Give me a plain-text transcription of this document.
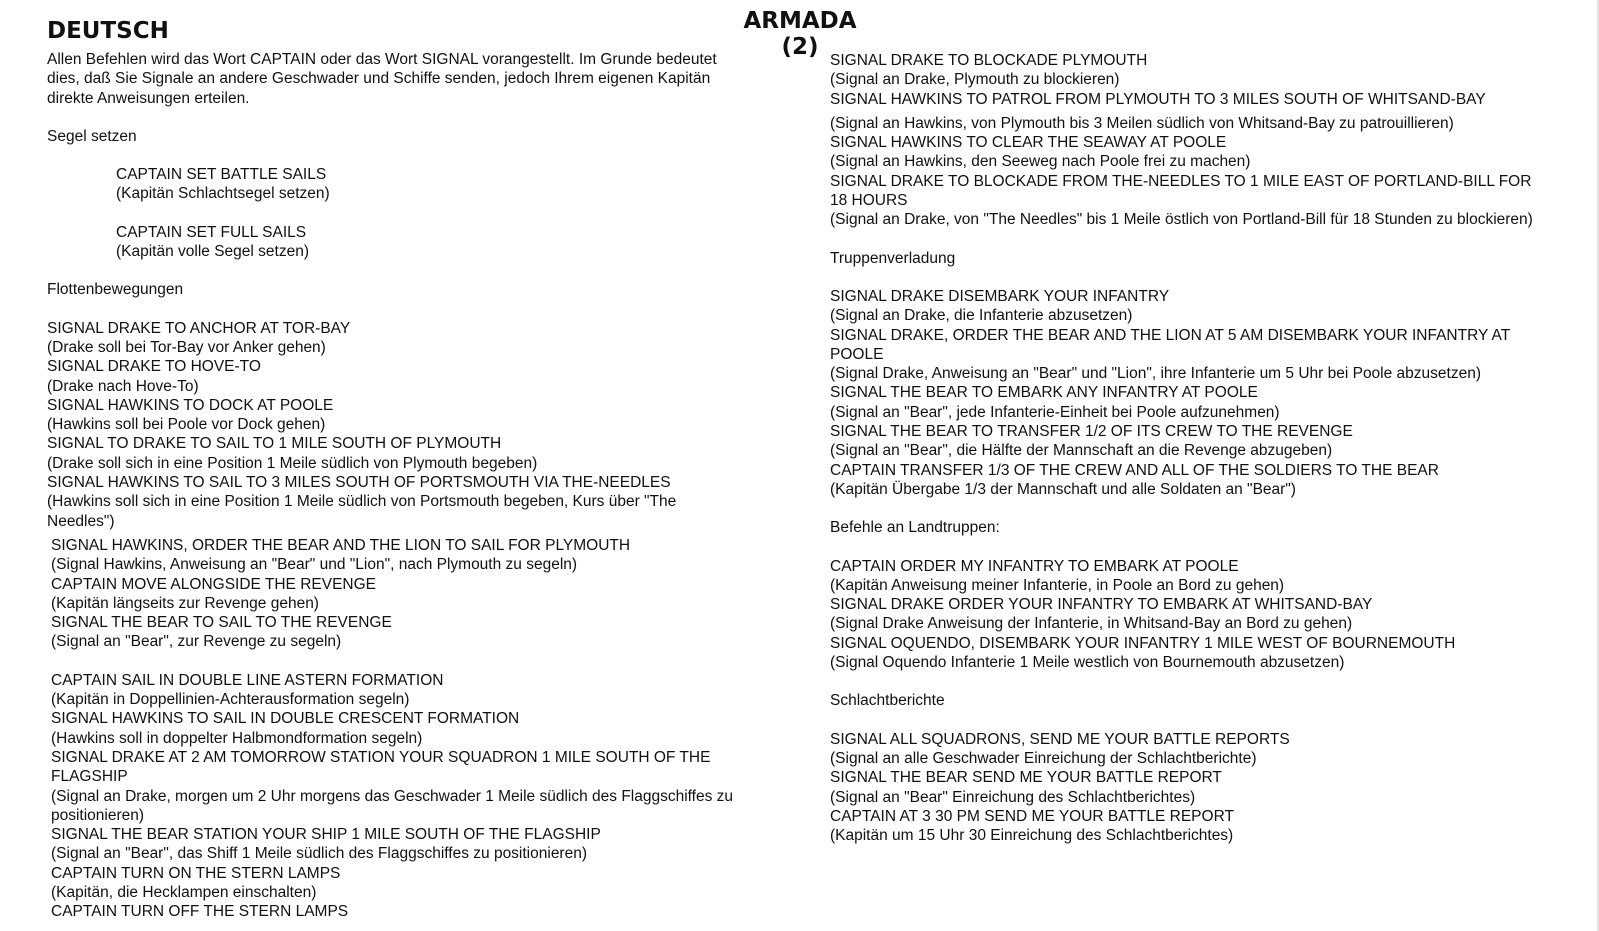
ARMADA
(2)
DEUTSCH

Allen Befehlen wird das Wort CAPTAIN oder das Wort SIGNAL vorangestellt. Im Grunde bedeutet dies, daß Sie Signale an andere Geschwader und Schiffe senden, jedoch Ihrem eigenen Kapitän direkte Anweisungen erteilen.

Segel setzen

CAPTAIN SET BATTLE SAILS
(Kapitän Schlachtsegel setzen)

CAPTAIN SET FULL SAILS
(Kapitän volle Segel setzen)

Flottenbewegungen

SIGNAL DRAKE TO ANCHOR AT TOR-BAY
(Drake soll bei Tor-Bay vor Anker gehen)
SIGNAL DRAKE TO HOVE-TO
(Drake nach Hove-To)
SIGNAL HAWKINS TO DOCK AT POOLE
(Hawkins soll bei Poole vor Dock gehen)
SIGNAL TO DRAKE TO SAIL TO 1 MILE SOUTH OF PLYMOUTH
(Drake soll sich in eine Position 1 Meile südlich von Plymouth begeben)
SIGNAL HAWKINS TO SAIL TO 3 MILES SOUTH OF PORTSMOUTH VIA THE-NEEDLES
(Hawkins soll sich in eine Position 1 Meile südlich von Portsmouth begeben, Kurs über "The Needles")

SIGNAL HAWKINS, ORDER THE BEAR AND THE LION TO SAIL FOR PLYMOUTH
(Signal Hawkins, Anweisung an "Bear" und "Lion", nach Plymouth zu segeln)
CAPTAIN MOVE ALONGSIDE THE REVENGE
(Kapitän längseits zur Revenge gehen)
SIGNAL THE BEAR TO SAIL TO THE REVENGE
(Signal an "Bear", zur Revenge zu segeln)

CAPTAIN SAIL IN DOUBLE LINE ASTERN FORMATION
(Kapitän in Doppellinien-Achterausformation segeln)
SIGNAL HAWKINS TO SAIL IN DOUBLE CRESCENT FORMATION
(Hawkins soll in doppelter Halbmondformation segeln)
SIGNAL DRAKE AT 2 AM TOMORROW STATION YOUR SQUADRON 1 MILE SOUTH OF THE FLAGSHIP
(Signal an Drake, morgen um 2 Uhr morgens das Geschwader 1 Meile südlich des Flaggschiffes zu positionieren)
SIGNAL THE BEAR STATION YOUR SHIP 1 MILE SOUTH OF THE FLAGSHIP
(Signal an "Bear", das Shiff 1 Meile südlich des Flaggschiffes zu positionieren)
CAPTAIN TURN ON THE STERN LAMPS
(Kapitän, die Hecklampen einschalten)
CAPTAIN TURN OFF THE STERN LAMPS

SIGNAL DRAKE TO BLOCKADE PLYMOUTH
(Signal an Drake, Plymouth zu blockieren)
SIGNAL HAWKINS TO PATROL FROM PLYMOUTH TO 3 MILES SOUTH OF WHITSAND-BAY

(Signal an Hawkins, von Plymouth bis 3 Meilen südlich von Whitsand-Bay zu patrouillieren)
SIGNAL HAWKINS TO CLEAR THE SEAWAY AT POOLE
(Signal an Hawkins, den Seeweg nach Poole frei zu machen)
SIGNAL DRAKE TO BLOCKADE FROM THE-NEEDLES TO 1 MILE EAST OF PORTLAND-BILL FOR 18 HOURS
(Signal an Drake, von "The Needles" bis 1 Meile östlich von Portland-Bill für 18 Stunden zu blockieren)

Truppenverladung

SIGNAL DRAKE DISEMBARK YOUR INFANTRY
(Signal an Drake, die Infanterie abzusetzen)
SIGNAL DRAKE, ORDER THE BEAR AND THE LION AT 5 AM DISEMBARK YOUR INFANTRY AT POOLE
(Signal Drake, Anweisung an "Bear" und "Lion", ihre Infanterie um 5 Uhr bei Poole abzusetzen)
SIGNAL THE BEAR TO EMBARK ANY INFANTRY AT POOLE
(Signal an "Bear", jede Infanterie-Einheit bei Poole aufzunehmen)
SIGNAL THE BEAR TO TRANSFER 1/2 OF ITS CREW TO THE REVENGE
(Signal an "Bear", die Hälfte der Mannschaft an die Revenge abzugeben)
CAPTAIN TRANSFER 1/3 OF THE CREW AND ALL OF THE SOLDIERS TO THE BEAR
(Kapitän Übergabe 1/3 der Mannschaft und alle Soldaten an "Bear")

Befehle an Landtruppen:

CAPTAIN ORDER MY INFANTRY TO EMBARK AT POOLE
(Kapitän Anweisung meiner Infanterie, in Poole an Bord zu gehen)
SIGNAL DRAKE ORDER YOUR INFANTRY TO EMBARK AT WHITSAND-BAY
(Signal Drake Anweisung der Infanterie, in Whitsand-Bay an Bord zu gehen)
SIGNAL OQUENDO, DISEMBARK YOUR INFANTRY 1 MILE WEST OF BOURNEMOUTH
(Signal Oquendo Infanterie 1 Meile westlich von Bournemouth abzusetzen)

Schlachtberichte

SIGNAL ALL SQUADRONS, SEND ME YOUR BATTLE REPORTS
(Signal an alle Geschwader Einreichung der Schlachtberichte)
SIGNAL THE BEAR SEND ME YOUR BATTLE REPORT
(Signal an "Bear" Einreichung des Schlachtberichtes)
CAPTAIN AT 3 30 PM SEND ME YOUR BATTLE REPORT
(Kapitän um 15 Uhr 30 Einreichung des Schlachtberichtes)
